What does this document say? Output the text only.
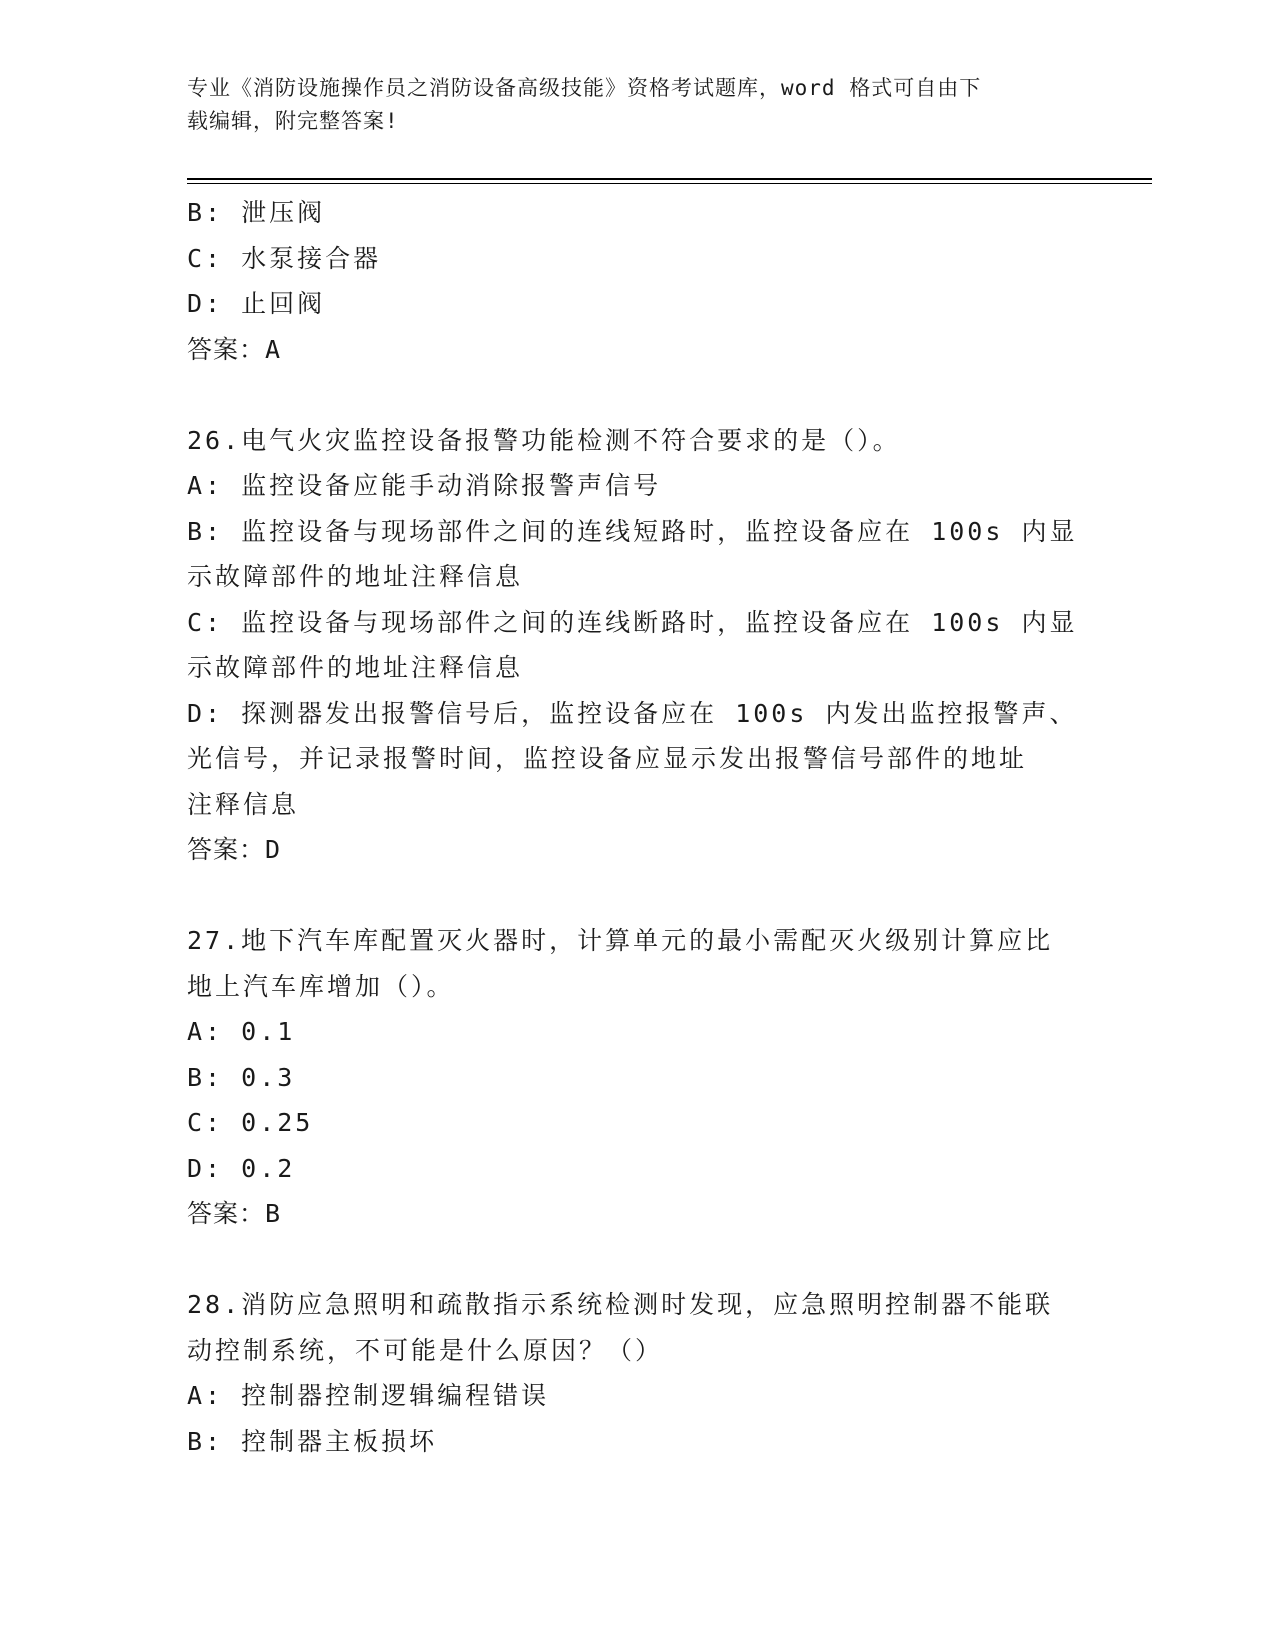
专业《消防设施操作员之消防设备高级技能》资格考试题库，word 格式可自由下
载编辑，附完整答案!
B: 泄压阀
C: 水泵接合器
D: 止回阀
答案：A
26.电气火灾监控设备报警功能检测不符合要求的是（）。
A: 监控设备应能手动消除报警声信号
B: 监控设备与现场部件之间的连线短路时，监控设备应在 100s 内显
示故障部件的地址注释信息
C: 监控设备与现场部件之间的连线断路时，监控设备应在 100s 内显
示故障部件的地址注释信息
D: 探测器发出报警信号后，监控设备应在 100s 内发出监控报警声、
光信号，并记录报警时间，监控设备应显示发出报警信号部件的地址
注释信息
答案：D
27.地下汽车库配置灭火器时，计算单元的最小需配灭火级别计算应比
地上汽车库增加（）。
A: 0.1
B: 0.3
C: 0.25
D: 0.2
答案：B
28.消防应急照明和疏散指示系统检测时发现，应急照明控制器不能联
动控制系统，不可能是什么原因？（）
A: 控制器控制逻辑编程错误
B: 控制器主板损坏
